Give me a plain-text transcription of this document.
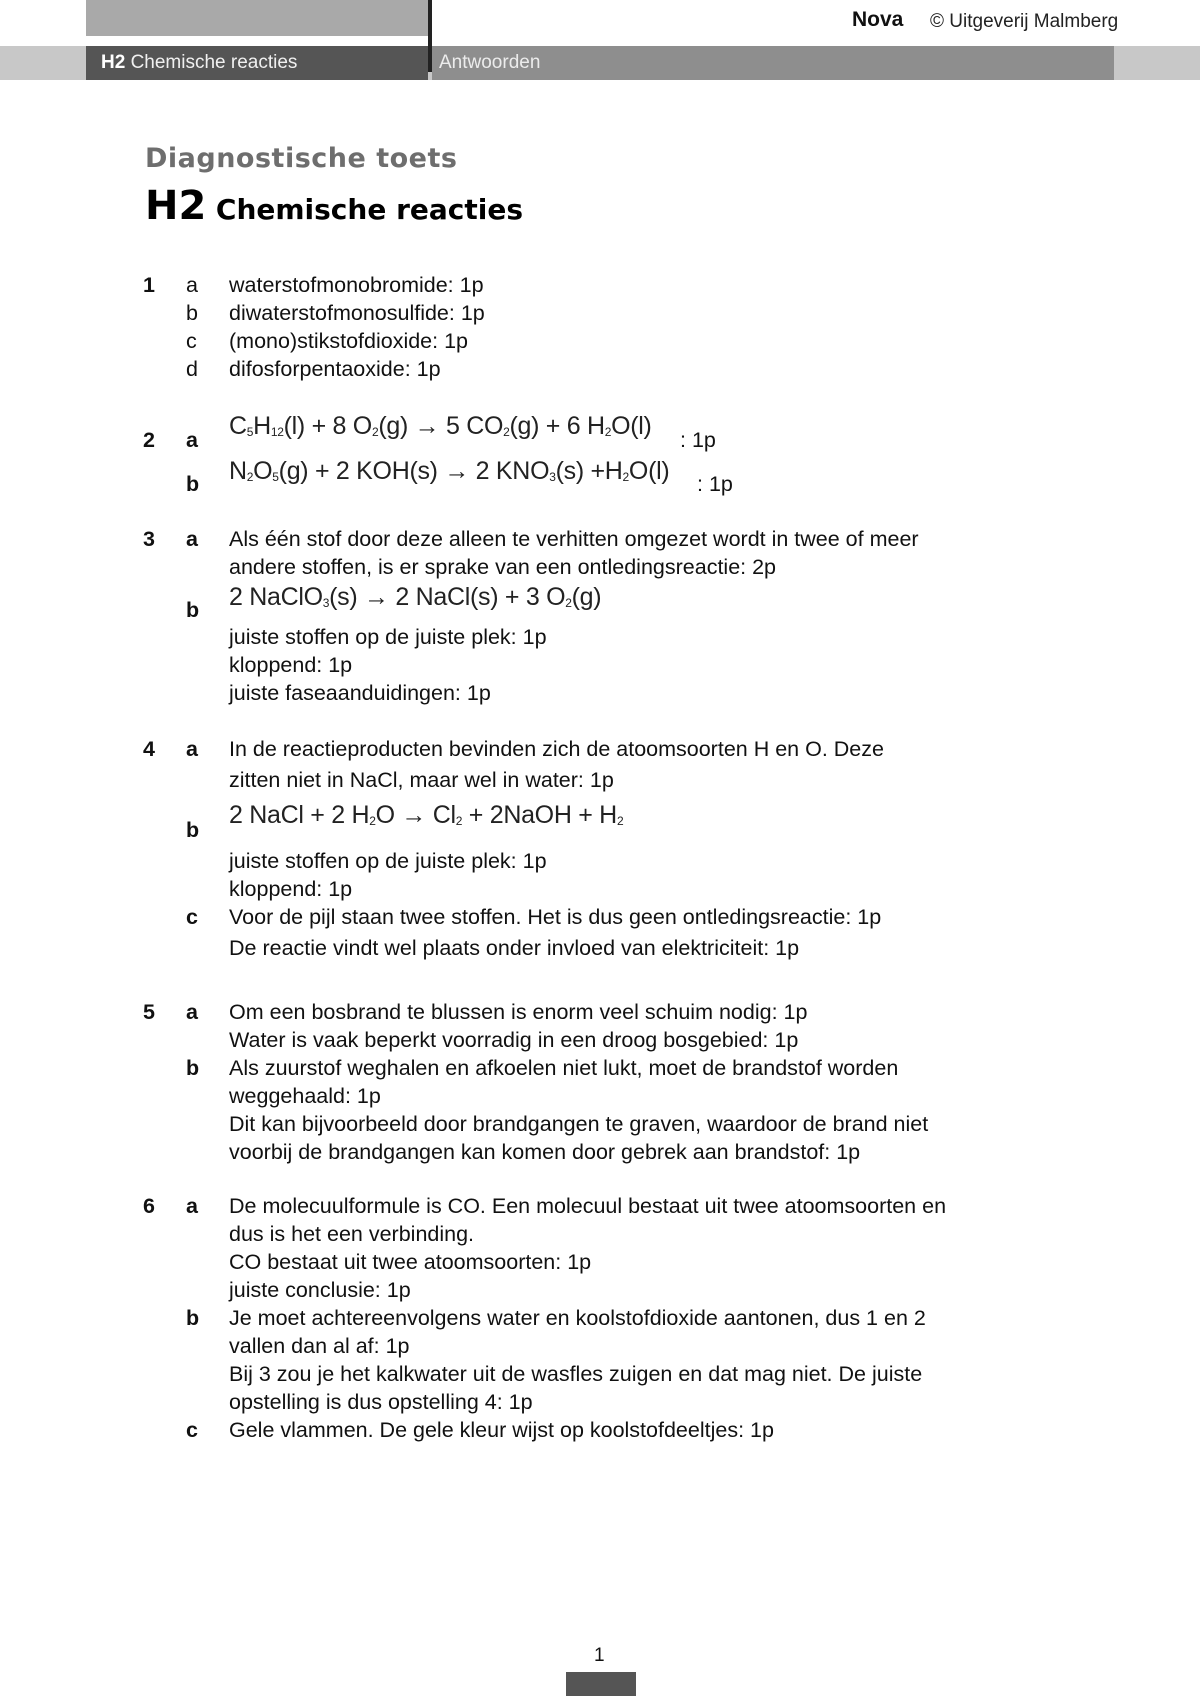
H2 Chemische reacties	Antwoorden
Nova © Uitgeverij Malmberg
Diagnostische toets
H2 Chemische reacties
1 a waterstofmonobromide: 1p
b diwaterstofmonosulfide: 1p
c (mono)stikstofdioxide: 1p
d difosforpentaoxide: 1p
2 a $C_5H_{12}(l) + 8$ $O_2(g) \to 5$ $CO_2(g) + 6$ $H_2O(l)$ : 1p
b $N_2O_5(g) + 2$ KOH(s) → 2 $KNO_3(s) +H_2O(l)$ : 1p
3 a Als één stof door deze alleen te verhitten omgezet wordt in twee of meer
andere stoffen, is er sprake van een ontledingsreactie: 2p
b 2 NaClO$_3$(s) → 2 NaCl(s) + 3 $O_2(g)$
juiste stoffen op de juiste plek: 1p
kloppend: 1p
juiste faseaanduidingen: 1p
4 a In de reactieproducten bevinden zich de atoomsoorten H en O. Deze
zitten niet in NaCl, maar wel in water: 1p
b
2 NaCl + 2 $H_2O \to Cl_2$ + 2NaOH + $H_2$
juiste stoffen op de juiste plek: 1p
kloppend: 1p
c Voor de pijl staan twee stoffen. Het is dus geen ontledingsreactie: 1p
De reactie vindt wel plaats onder invloed van elektriciteit: 1p
5 a Om een bosbrand te blussen is enorm veel schuim nodig: 1p
Water is vaak beperkt voorradig in een droog bosgebied: 1p
b Als zuurstof weghalen en afkoelen niet lukt, moet de brandstof worden
weggehaald: 1p
Dit kan bijvoorbeeld door brandgangen te graven, waardoor de brand niet
voorbij de brandgangen kan komen door gebrek aan brandstof: 1p
6 a De molecuulformule is CO. Een molecuul bestaat uit twee atoomsoorten en
dus is het een verbinding.
CO bestaat uit twee atoomsoorten: 1p
juiste conclusie: 1p
b Je moet achtereenvolgens water en koolstofdioxide aantonen, dus 1 en 2
vallen dan al af: 1p
Bij 3 zou je het kalkwater uit de wasfles zuigen en dat mag niet. De juiste
opstelling is dus opstelling 4: 1p
c Gele vlammen. De gele kleur wijst op koolstofdeeltjes: 1p
1
